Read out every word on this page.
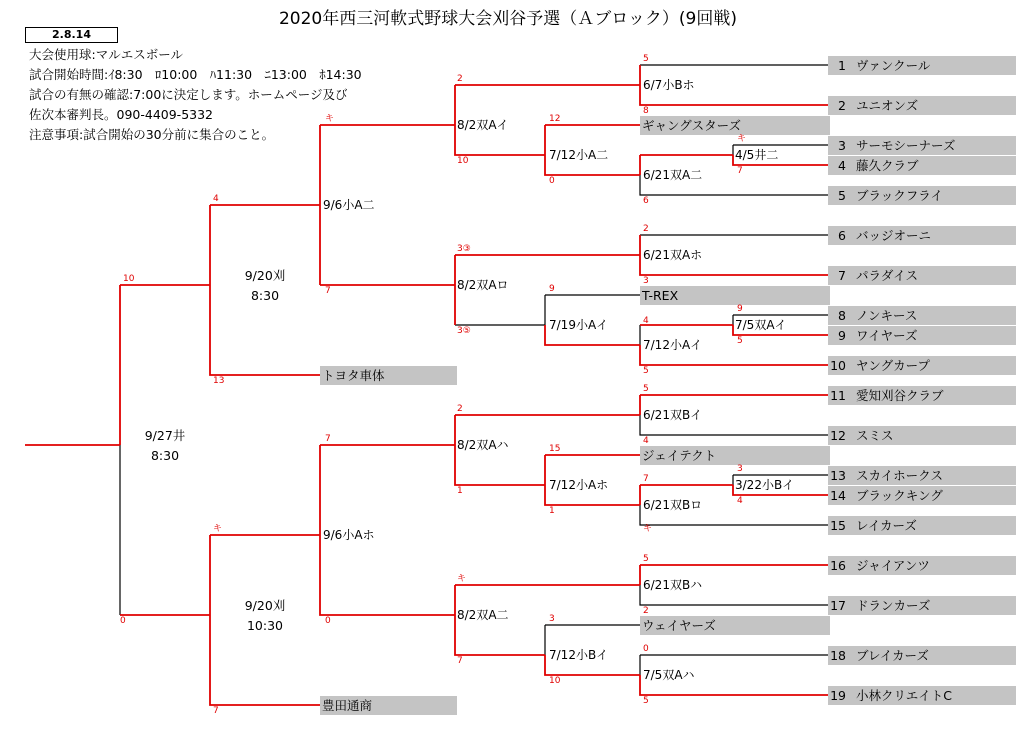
2020年西三河軟式野球大会刈谷予選（Ａブロック）(9回戦)
2.8.14
大会使用球:マルエスボール
試合開始時間:ｲ8:30　ﾛ10:00　ﾊ11:30　ﾆ13:00　ﾎ14:30
試合の有無の確認:7:00に決定します。ホームページ及び
佐次本審判長。090-4409-5332
注意事項:試合開始の30分前に集合のこと。
1 ヴァンクール
2 ユニオンズ
3 サーモシーナーズ
4 藤久クラブ
5 ブラックフライ
6 バッジオーニ
7 パラダイス
8 ノンキース
9 ワイヤーズ
10 ヤングカープ
11 愛知刈谷クラブ
12 スミス
13 スカイホークス
14 ブラックキング
15 レイカーズ
16 ジャイアンツ
17 ドランカーズ
18 ブレイカーズ
19 小林クリエイトC
ギャングスターズ
T-REX
ジェイテクト
ウェイヤーズ
トヨタ車体
豊田通商
6/7小Bホ
4/5井二
6/21双A二
8/2双Aイ
7/12小A二
6/21双Aホ
7/5双Aイ
7/12小Aイ
8/2双Aロ
7/19小Aイ
9/6小A二
6/21双Bイ
3/22小Bイ
6/21双Bロ
8/2双Aハ
7/12小Aホ
6/21双Bハ
7/5双Aハ
8/2双A二
7/12小Bイ
9/6小Aホ
9/20刈
8:30
9/20刈
10:30
9/27井
8:30
5
8
キ
7
6
12
0
2
10
2
3
9
5
4
5
9
3⑤
3③
キ
7
4
13
10
0
5
4
3
4
7
1
キ
15
1
2
5
2
0
5
3
10
キ
7
7
0
キ
7
